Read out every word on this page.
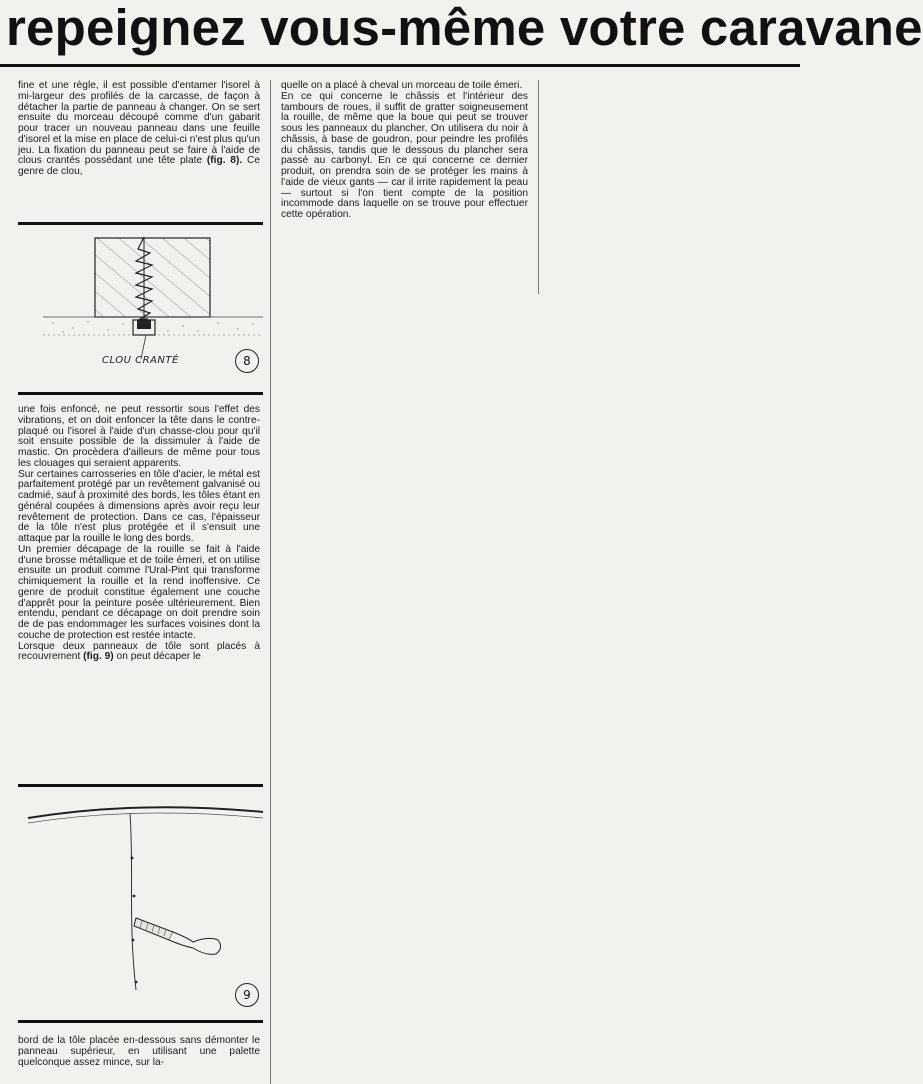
repeignez vous-même votre caravane

fine et une règle, il est possible d'entamer l'isorel à mi-largeur des profilés de la carcasse, de façon à détacher la partie de panneau à changer. On se sert ensuite du morceau découpé comme d'un gabarit pour tracer un nouveau panneau dans une feuille d'isorel et la mise en place de celui-ci n'est plus qu'un jeu. La fixation du panneau peut se faire à l'aide de clous crantés possédant une tête plate (fig. 8). Ce genre de clou,

CLOU CRANTÉ	8

une fois enfoncé, ne peut ressortir sous l'effet des vibrations, et on doit enfoncer la tête dans le contre-plaqué ou l'isorel à l'aide d'un chasse-clou pour qu'il soit ensuite possible de la dissimuler à l'aide de mastic. On procèdera d'ailleurs de même pour tous les clouages qui seraient apparents.

Sur certaines carrosseries en tôle d'acier, le métal est parfaitement protégé par un revêtement galvanisé ou cadmié, sauf à proximité des bords, les tôles étant en général coupées à dimensions après avoir reçu leur revêtement de protection. Dans ce cas, l'épaisseur de la tôle n'est plus protégée et il s'ensuit une attaque par la rouille le long des bords.

Un premier décapage de la rouille se fait à l'aide d'une brosse métallique et de toile émeri, et on utilise ensuite un produit comme l'Ural-Pint qui transforme chimiquement la rouille et la rend inoffensive. Ce genre de produit constitue également une couche d'apprêt pour la peinture posée ultérieurement. Bien entendu, pendant ce décapage on doit prendre soin de de pas endommager les surfaces voisines dont la couche de protection est restée intacte.

Lorsque deux panneaux de tôle sont placés à recouvrement (fig. 9) on peut décaper le

9

bord de la tôle placée en-dessous sans démonter le panneau supérieur, en utilisant une palette quelconque assez mince, sur la-

quelle on a placé à cheval un morceau de toile émeri.

En ce qui concerne le châssis et l'intérieur des tambours de roues, il suffit de gratter soigneusement la rouille, de même que la boue qui peut se trouver sous les panneaux du plancher. On utilisera du noir à châssis, à base de goudron, pour peindre les profilés du châssis, tandis que le dessous du plancher sera passé au carbonyl. En ce qui concerne ce dernier produit, on prendra soin de se protéger les mains à l'aide de vieux gants — car il irrite rapidement la peau — surtout si l'on tient compte de la position incommode dans laquelle on se trouve pour effectuer cette opération.
